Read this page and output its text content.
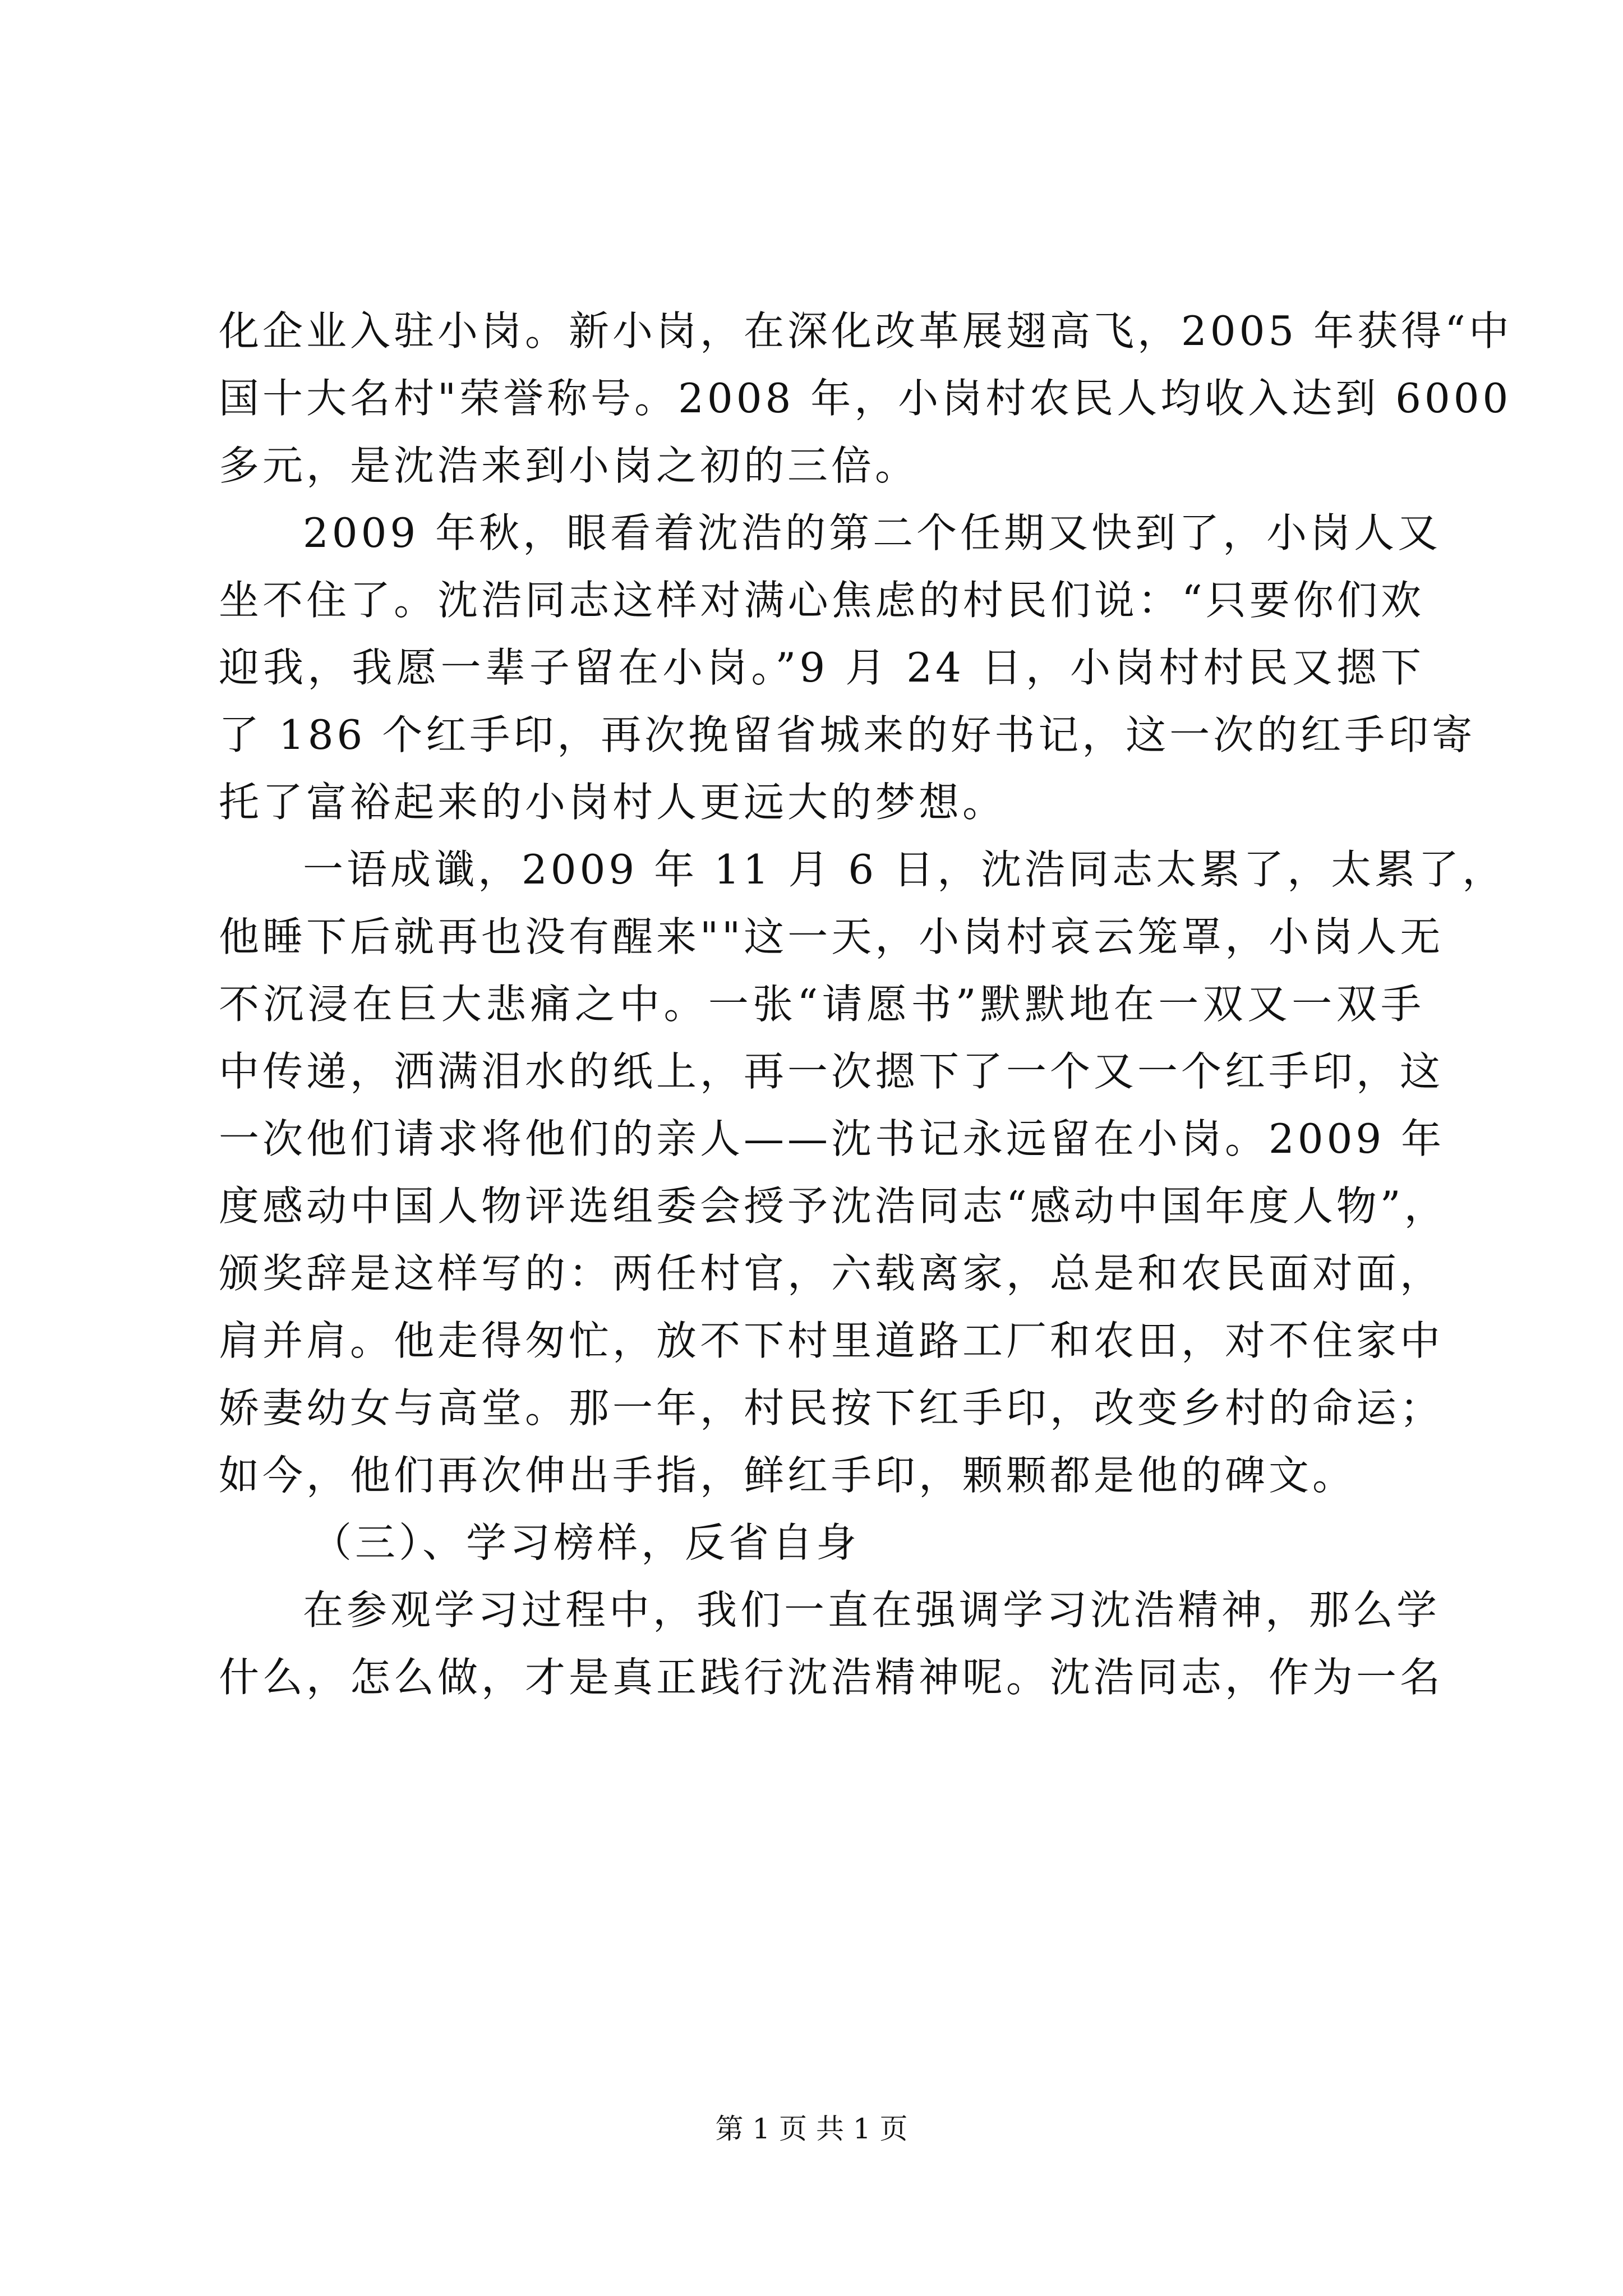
化企业入驻小岗。新小岗，在深化改革展翅高飞，2005 年获得“中
国十大名村"荣誉称号。2008 年，小岗村农民人均收入达到 6000
多元，是沈浩来到小岗之初的三倍。
2009 年秋，眼看着沈浩的第二个任期又快到了，小岗人又
坐不住了。沈浩同志这样对满心焦虑的村民们说：“只要你们欢
迎我，我愿一辈子留在小岗。”9 月 24 日，小岗村村民又摁下
了 186 个红手印，再次挽留省城来的好书记，这一次的红手印寄
托了富裕起来的小岗村人更远大的梦想。
一语成谶，2009 年 11 月 6 日，沈浩同志太累了，太累了，
他睡下后就再也没有醒来""这一天，小岗村哀云笼罩，小岗人无
不沉浸在巨大悲痛之中。一张“请愿书”默默地在一双又一双手
中传递，洒满泪水的纸上，再一次摁下了一个又一个红手印，这
一次他们请求将他们的亲人——沈书记永远留在小岗。2009 年
度感动中国人物评选组委会授予沈浩同志“感动中国年度人物”，
颁奖辞是这样写的：两任村官，六载离家，总是和农民面对面，
肩并肩。他走得匆忙，放不下村里道路工厂和农田，对不住家中
娇妻幼女与高堂。那一年，村民按下红手印，改变乡村的命运；
如今，他们再次伸出手指，鲜红手印，颗颗都是他的碑文。
（三）、学习榜样，反省自身
在参观学习过程中，我们一直在强调学习沈浩精神，那么学
什么，怎么做，才是真正践行沈浩精神呢。沈浩同志，作为一名
第 1 页 共 1 页
